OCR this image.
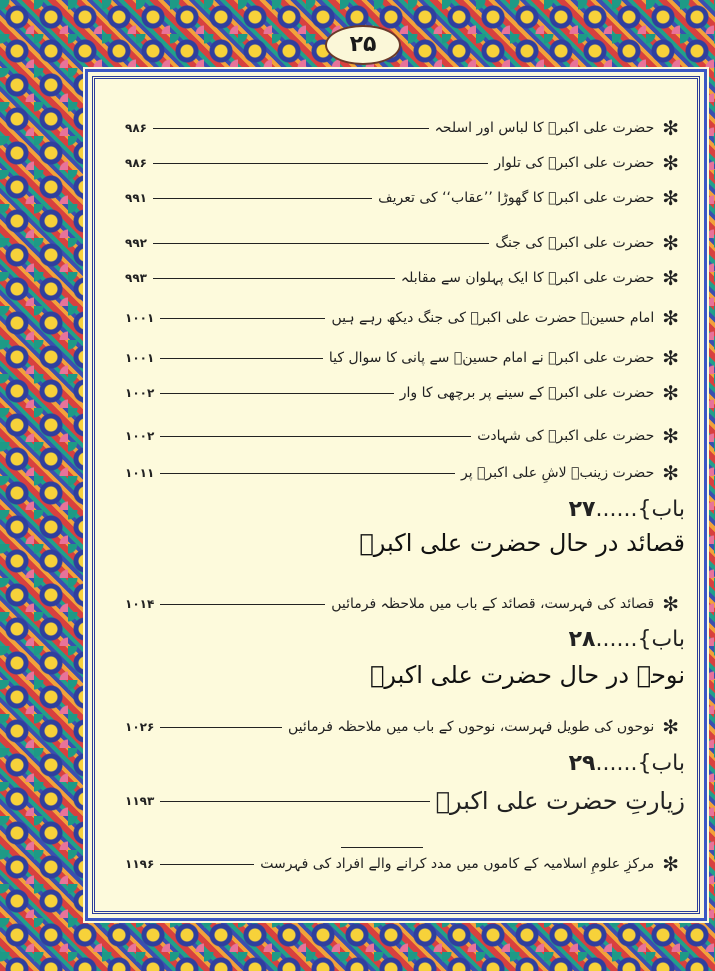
۲۵
باب}......۲۷
قصائد در حال حضرت علی اکبرؑ
✻
قصائد کی فہرست، قصائد کے باب میں ملاحظہ فرمائیں
۱۰۱۴
باب}......۲۸
نوحے در حال حضرت علی اکبرؑ
✻
نوحوں کی طویل فہرست، نوحوں کے باب میں ملاحظہ فرمائیں
۱۰۲۶
باب}......۲۹
زیارتِ حضرت علی اکبرؑ
۱۱۹۳
✻
مرکزِ علومِ اسلامیہ کے کاموں میں مدد کرانے والے افراد کی فہرست
۱۱۹۶
✻
حضرت علی اکبرؑ کا لباس اور اسلحہ
۹۸۶
✻
حضرت علی اکبرؑ کی تلوار
۹۸۶
✻
حضرت علی اکبرؑ کا گھوڑا ’’عقاب‘‘ کی تعریف
۹۹۱
✻
حضرت علی اکبرؑ کی جنگ
۹۹۲
✻
حضرت علی اکبرؑ کا ایک پہلوان سے مقابلہ
۹۹۳
✻
امام حسینؑ حضرت علی اکبرؑ کی جنگ دیکھ رہے ہیں
۱۰۰۱
✻
حضرت علی اکبرؑ نے امام حسینؑ سے پانی کا سوال کیا
۱۰۰۱
✻
حضرت علی اکبرؑ کے سینے پر برچھی کا وار
۱۰۰۲
✻
حضرت علی اکبرؑ کی شہادت
۱۰۰۲
✻
حضرت زینبؑ لاشِ علی اکبرؑ پر
۱۰۱۱
